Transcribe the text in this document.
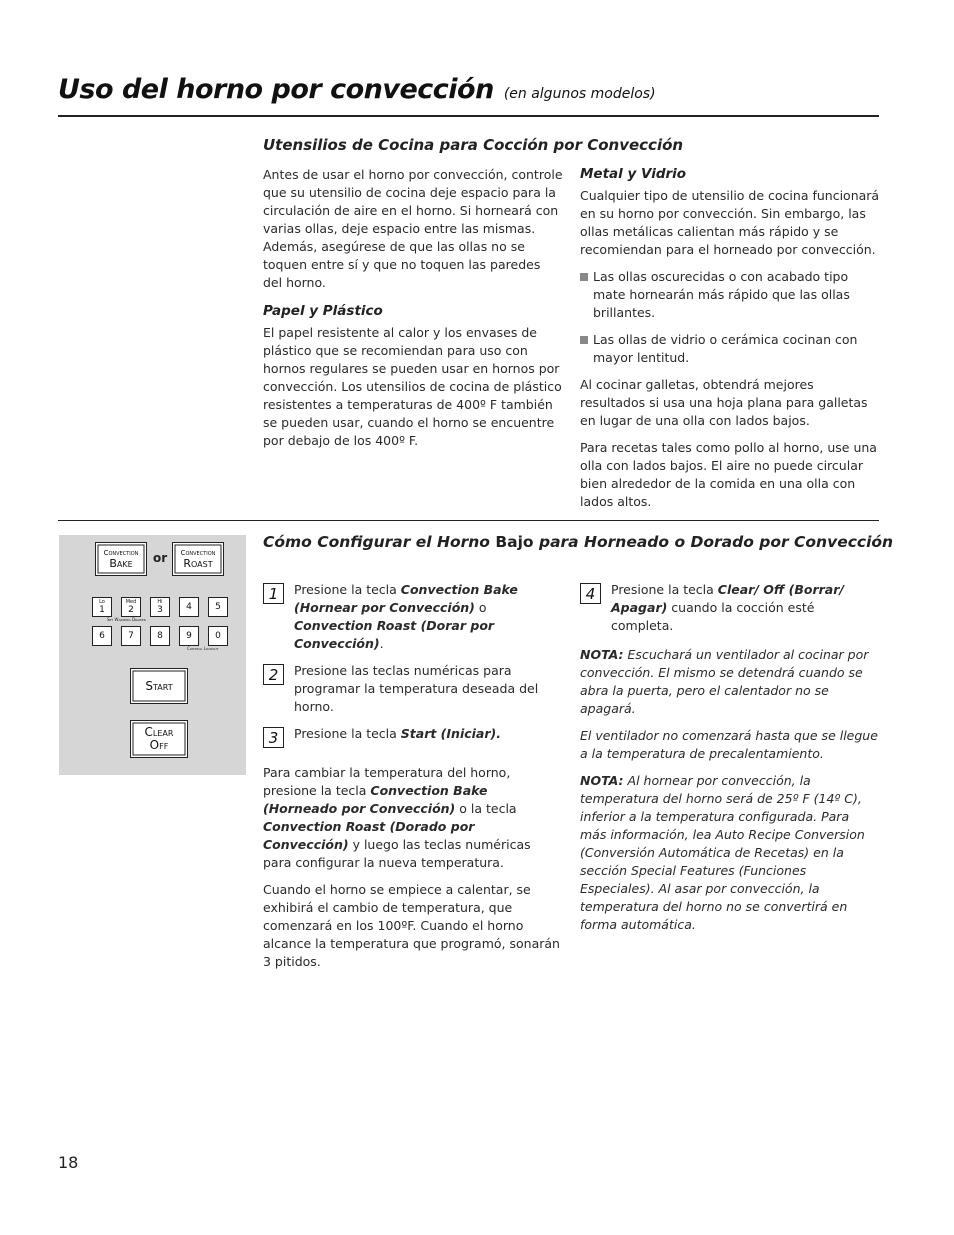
Uso del horno por convección (en algunos modelos)
Utensilios de Cocina para Cocción por Convección

Antes de usar el horno por convección, controle que su utensilio de cocina deje espacio para la circulación de aire en el horno. Si horneará con varias ollas, deje espacio entre las mismas. Además, asegúrese de que las ollas no se toquen entre sí y que no toquen las paredes del horno.

Papel y Plástico

El papel resistente al calor y los envases de plástico que se recomiendan para uso con hornos regulares se pueden usar en hornos por convección. Los utensilios de cocina de plástico resistentes a temperaturas de 400º F también se pueden usar, cuando el horno se encuentre por debajo de los 400º F.

Metal y Vidrio

Cualquier tipo de utensilio de cocina funcionará en su horno por convección. Sin embargo, las ollas metálicas calientan más rápido y se recomiendan para el horneado por convección.

Las ollas oscurecidas o con acabado tipo mate hornearán más rápido que las ollas brillantes.

Las ollas de vidrio o cerámica cocinan con mayor lentitud.

Al cocinar galletas, obtendrá mejores resultados si usa una hoja plana para galletas en lugar de una olla con lados bajos.

Para recetas tales como pollo al horno, use una olla con lados bajos. El aire no puede circular bien alrededor de la comida en una olla con lados altos.

Convection
Bake or Convection
Roast
Lo
1
Med
2
Hi
3	4	5
Set Warming Drawer
6	7	8	9	0
Control Lockout
Start
Clear
Off
Cómo Configurar el Horno Bajo para Horneado o Dorado por Convección
1	Presione la tecla Convection Bake (Hornear por Convección) o Convection Roast (Dorar por Convección).

2	Presione las teclas numéricas para programar la temperatura deseada del horno.

3	Presione la tecla Start (Iniciar).

Para cambiar la temperatura del horno, presione la tecla Convection Bake (Horneado por Convección) o la tecla Convection Roast (Dorado por Convección) y luego las teclas numéricas para configurar la nueva temperatura.

Cuando el horno se empiece a calentar, se exhibirá el cambio de temperatura, que comenzará en los 100ºF. Cuando el horno alcance la temperatura que programó, sonarán 3 pitidos.

4	Presione la tecla Clear/ Off (Borrar/ Apagar) cuando la cocción esté completa.

NOTA: Escuchará un ventilador al cocinar por convección. El mismo se detendrá cuando se abra la puerta, pero el calentador no se apagará.

El ventilador no comenzará hasta que se llegue a la temperatura de precalentamiento.

NOTA: Al hornear por convección, la temperatura del horno será de 25º F (14º C), inferior a la temperatura configurada. Para más información, lea Auto Recipe Conversion (Conversión Automática de Recetas) en la sección Special Features (Funciones Especiales). Al asar por convección, la temperatura del horno no se convertirá en forma automática.

18
